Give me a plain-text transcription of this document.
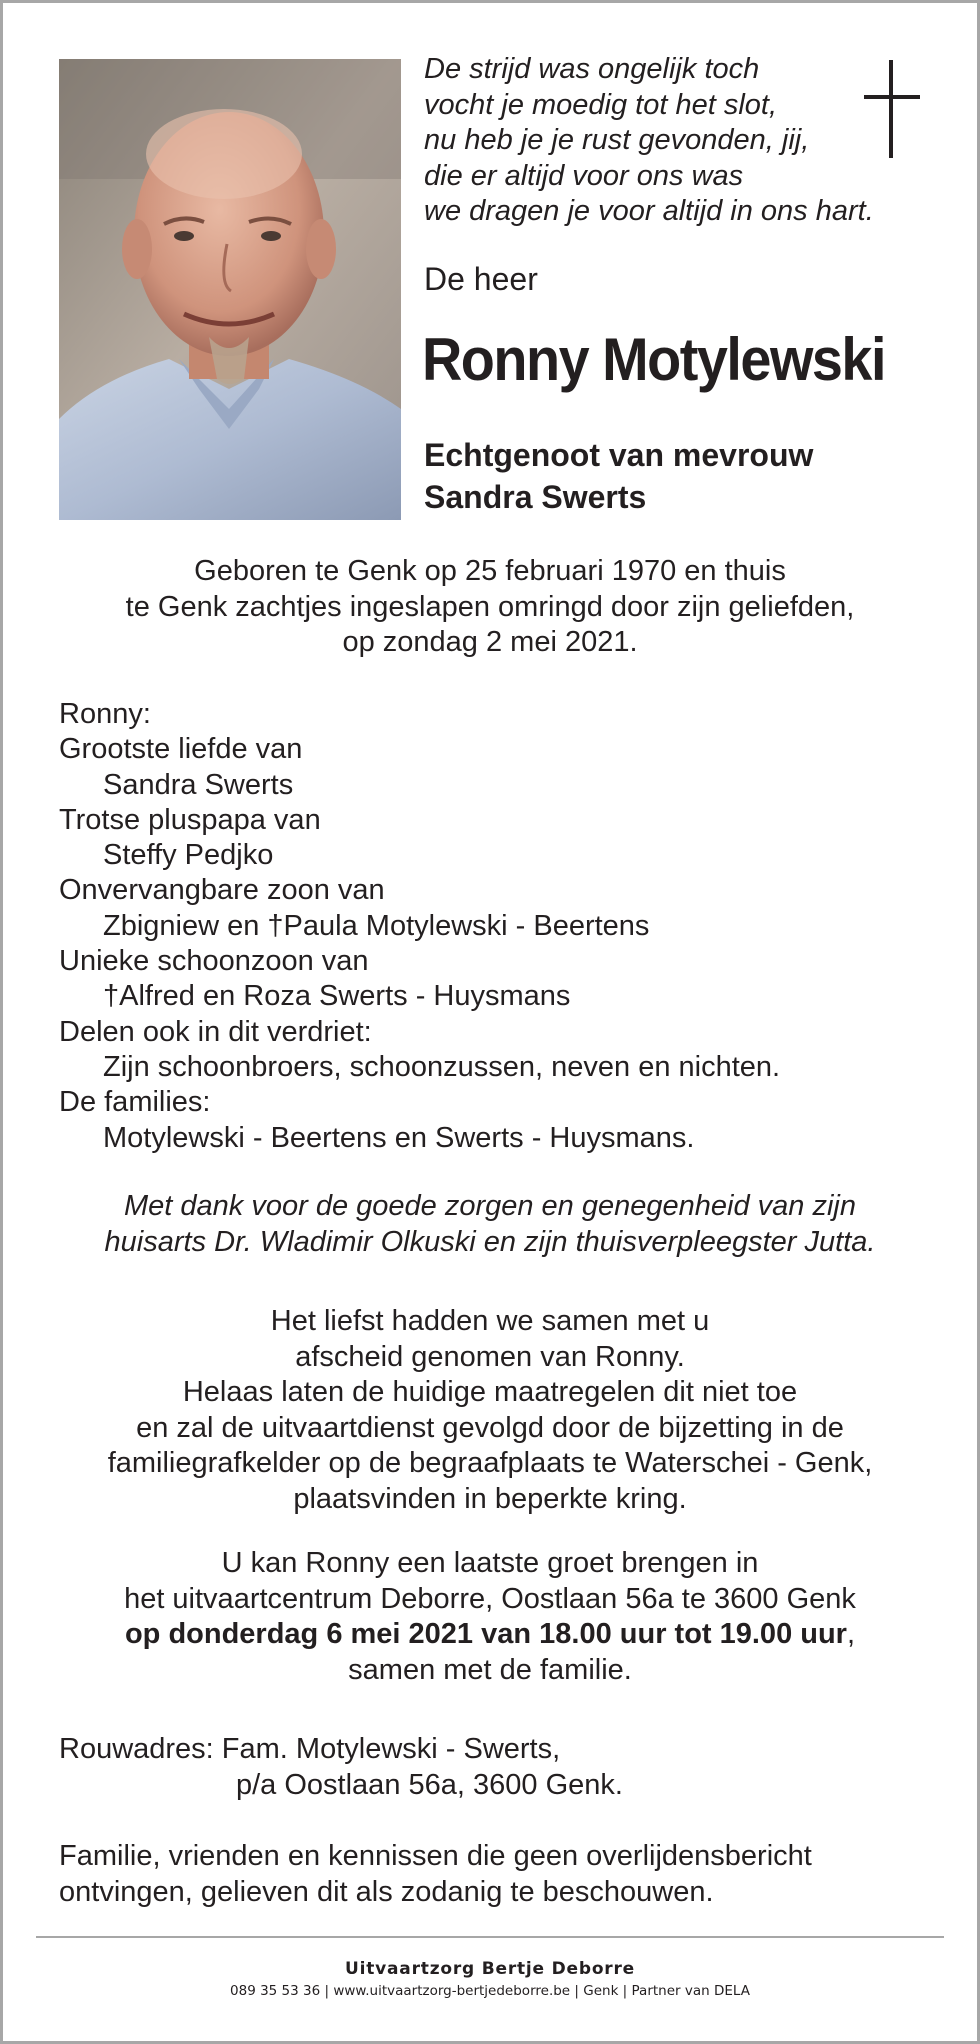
De strijd was ongelijk toch
vocht je moedig tot het slot,
nu heb je je rust gevonden, jij,
die er altijd voor ons was
we dragen je voor altijd in ons hart.
De heer
Ronny Motylewski
Echtgenoot van mevrouw
Sandra Swerts
Geboren te Genk op 25 februari 1970 en thuis
te Genk zachtjes ingeslapen omringd door zijn geliefden,
op zondag 2 mei 2021.
Ronny:
Grootste liefde van
Sandra Swerts
Trotse pluspapa van
Steffy Pedjko
Onvervangbare zoon van
Zbigniew en †Paula Motylewski - Beertens
Unieke schoonzoon van
†Alfred en Roza Swerts - Huysmans
Delen ook in dit verdriet:
Zijn schoonbroers, schoonzussen, neven en nichten.
De families:
Motylewski - Beertens en Swerts - Huysmans.
Met dank voor de goede zorgen en genegenheid van zijn
huisarts Dr. Wladimir Olkuski en zijn thuisverpleegster Jutta.
Het liefst hadden we samen met u
afscheid genomen van Ronny.
Helaas laten de huidige maatregelen dit niet toe
en zal de uitvaartdienst gevolgd door de bijzetting in de
familiegrafkelder op de begraafplaats te Waterschei - Genk,
plaatsvinden in beperkte kring.
U kan Ronny een laatste groet brengen in
het uitvaartcentrum Deborre, Oostlaan 56a te 3600 Genk
op donderdag 6 mei 2021 van 18.00 uur tot 19.00 uur,
samen met de familie.
Rouwadres: Fam. Motylewski - Swerts,
p/a Oostlaan 56a, 3600 Genk.
Familie, vrienden en kennissen die geen overlijdensbericht
ontvingen, gelieven dit als zodanig te beschouwen.
Uitvaartzorg Bertje Deborre
089 35 53 36 | www.uitvaartzorg-bertjedeborre.be | Genk | Partner van DELA
